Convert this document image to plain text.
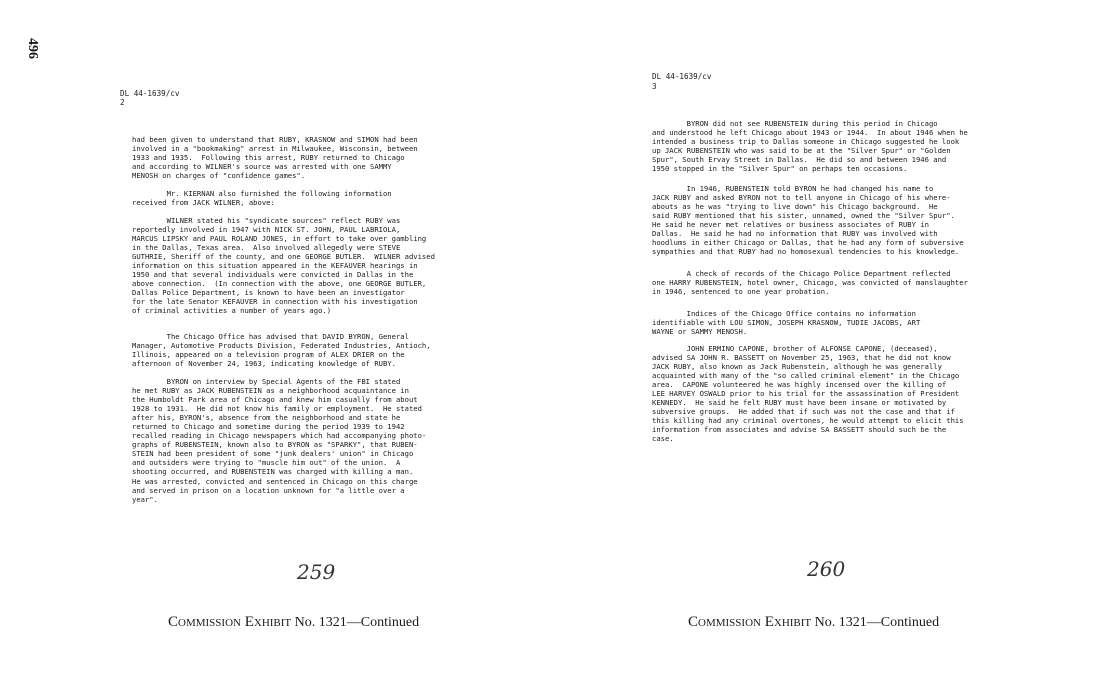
496
DL 44-1639/cv
2
had been given to understand that RUBY, KRASNOW and SIMON had been
involved in a "bookmaking" arrest in Milwaukee, Wisconsin, between
1933 and 1935.  Following this arrest, RUBY returned to Chicago
and according to WILNER's source was arrested with one SAMMY
MENOSH on charges of "confidence games".
Mr. KIERNAN also furnished the following information
received from JACK WILNER, above:
WILNER stated his "syndicate sources" reflect RUBY was
reportedly involved in 1947 with NICK ST. JOHN, PAUL LABRIOLA,
MARCUS LIPSKY and PAUL ROLAND JONES, in effort to take over gambling
in the Dallas, Texas area.  Also involved allegedly were STEVE
GUTHRIE, Sheriff of the county, and one GEORGE BUTLER.  WILNER advised
information on this situation appeared in the KEFAUVER hearings in
1950 and that several individuals were convicted in Dallas in the
above connection.  (In connection with the above, one GEORGE BUTLER,
Dallas Police Department, is known to have been an investigator
for the late Senator KEFAUVER in connection with his investigation
of criminal activities a number of years ago.)
The Chicago Office has advised that DAVID BYRON, General
Manager, Automotive Products Division, Federated Industries, Antioch,
Illinois, appeared on a television program of ALEX DRIER on the
afternoon of November 24, 1963, indicating knowledge of RUBY.
BYRON on interview by Special Agents of the FBI stated
he met RUBY as JACK RUBENSTEIN as a neighborhood acquaintance in
the Humboldt Park area of Chicago and knew him casually from about
1928 to 1931.  He did not know his family or employment.  He stated
after his, BYRON's, absence from the neighborhood and state he
returned to Chicago and sometime during the period 1939 to 1942
recalled reading in Chicago newspapers which had accompanying photo-
graphs of RUBENSTEIN, known also to BYRON as "SPARKY", that RUBEN-
STEIN had been president of some "junk dealers' union" in Chicago
and outsiders were trying to "muscle him out" of the union.  A
shooting occurred, and RUBENSTEIN was charged with killing a man.
He was arrested, convicted and sentenced in Chicago on this charge
and served in prison on a location unknown for "a little over a
year".
259
Commission Exhibit No. 1321—Continued
DL 44-1639/cv
3
BYRON did not see RUBENSTEIN during this period in Chicago
and understood he left Chicago about 1943 or 1944.  In about 1946 when he
intended a business trip to Dallas someone in Chicago suggested he look
up JACK RUBENSTEIN who was said to be at the "Silver Spur" or "Golden
Spur", South Ervay Street in Dallas.  He did so and between 1946 and
1950 stopped in the "Silver Spur" on perhaps ten occasions.
In 1946, RUBENSTEIN told BYRON he had changed his name to
JACK RUBY and asked BYRON not to tell anyone in Chicago of his where-
abouts as he was "trying to live down" his Chicago background.  He
said RUBY mentioned that his sister, unnamed, owned the "Silver Spur".
He said he never met relatives or business associates of RUBY in
Dallas.  He said he had no information that RUBY was involved with
hoodlums in either Chicago or Dallas, that he had any form of subversive
sympathies and that RUBY had no homosexual tendencies to his knowledge.
A check of records of the Chicago Police Department reflected
one HARRY RUBENSTEIN, hotel owner, Chicago, was convicted of manslaughter
in 1946, sentenced to one year probation.
Indices of the Chicago Office contains no information
identifiable with LOU SIMON, JOSEPH KRASNOW, TUDIE JACOBS, ART
WAYNE or SAMMY MENOSH.
JOHN ERMINO CAPONE, brother of ALFONSE CAPONE, (deceased),
advised SA JOHN R. BASSETT on November 25, 1963, that he did not know
JACK RUBY, also known as Jack Rubenstein, although he was generally
acquainted with many of the "so called criminal element" in the Chicago
area.  CAPONE volunteered he was highly incensed over the killing of
LEE HARVEY OSWALD prior to his trial for the assassination of President
KENNEDY.  He said he felt RUBY must have been insane or motivated by
subversive groups.  He added that if such was not the case and that if
this killing had any criminal overtones, he would attempt to elicit this
information from associates and advise SA BASSETT should such be the
case.
260
Commission Exhibit No. 1321—Continued
